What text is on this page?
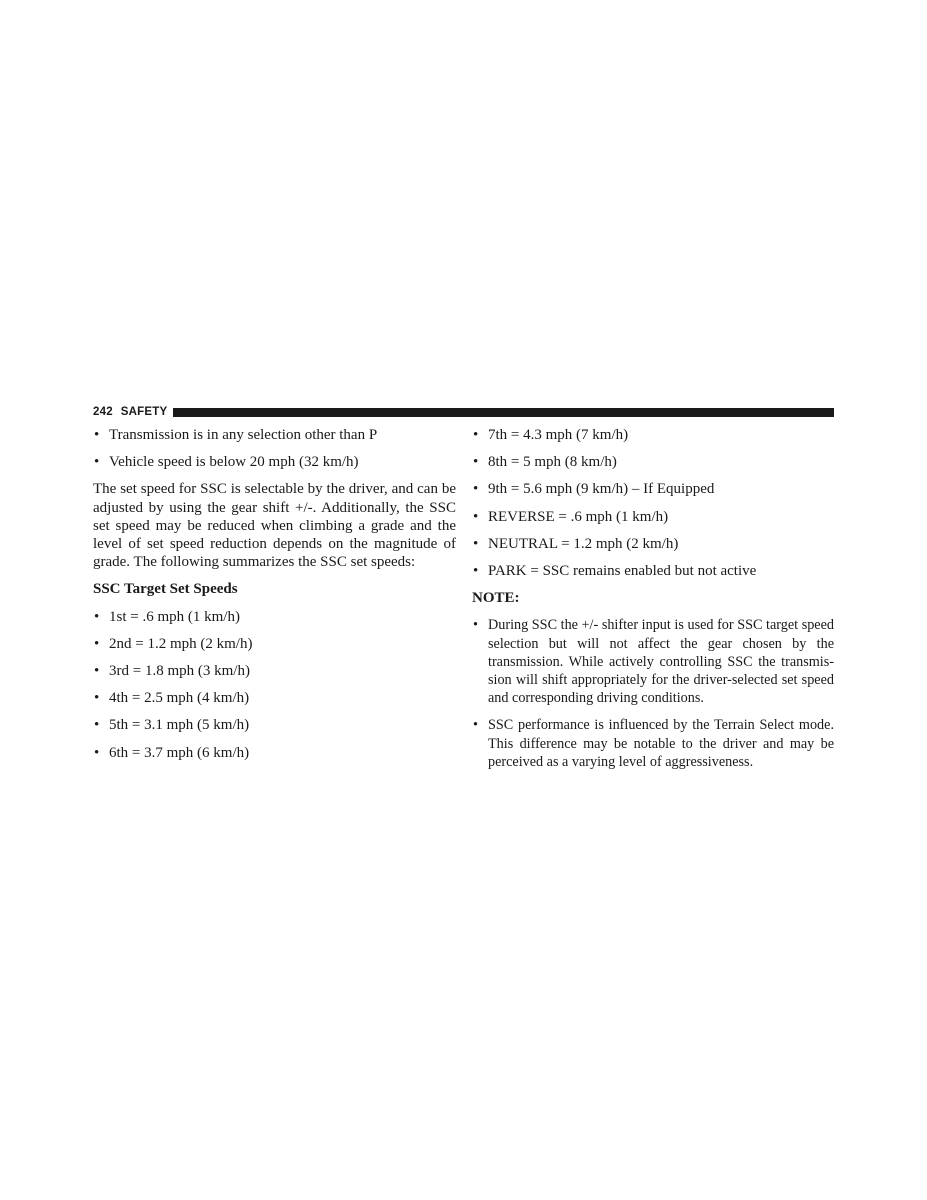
242 SAFETY
• Transmission is in any selection other than P
• Vehicle speed is below 20 mph (32 km/h)

The set speed for SSC is selectable by the driver, and can be adjusted by using the gear shift +/-. Additionally, the SSC set speed may be reduced when climbing a grade and the level of set speed reduction depends on the magnitude of grade. The following summarizes the SSC set speeds:

SSC Target Set Speeds

• 1st = .6 mph (1 km/h)
• 2nd = 1.2 mph (2 km/h)
• 3rd = 1.8 mph (3 km/h)
• 4th = 2.5 mph (4 km/h)
• 5th = 3.1 mph (5 km/h)
• 6th = 3.7 mph (6 km/h)
• 7th = 4.3 mph (7 km/h)
• 8th = 5 mph (8 km/h)
• 9th = 5.6 mph (9 km/h) – If Equipped
• REVERSE = .6 mph (1 km/h)
• NEUTRAL = 1.2 mph (2 km/h)
• PARK = SSC remains enabled but not active

NOTE:

• During SSC the +/- shifter input is used for SSC target speed selection but will not affect the gear chosen by the transmission. While actively controlling SSC the transmis-sion will shift appropriately for the driver-selected set speed and corresponding driving conditions.
• SSC performance is influenced by the Terrain Select mode. This difference may be notable to the driver and may be perceived as a varying level of aggressiveness.
